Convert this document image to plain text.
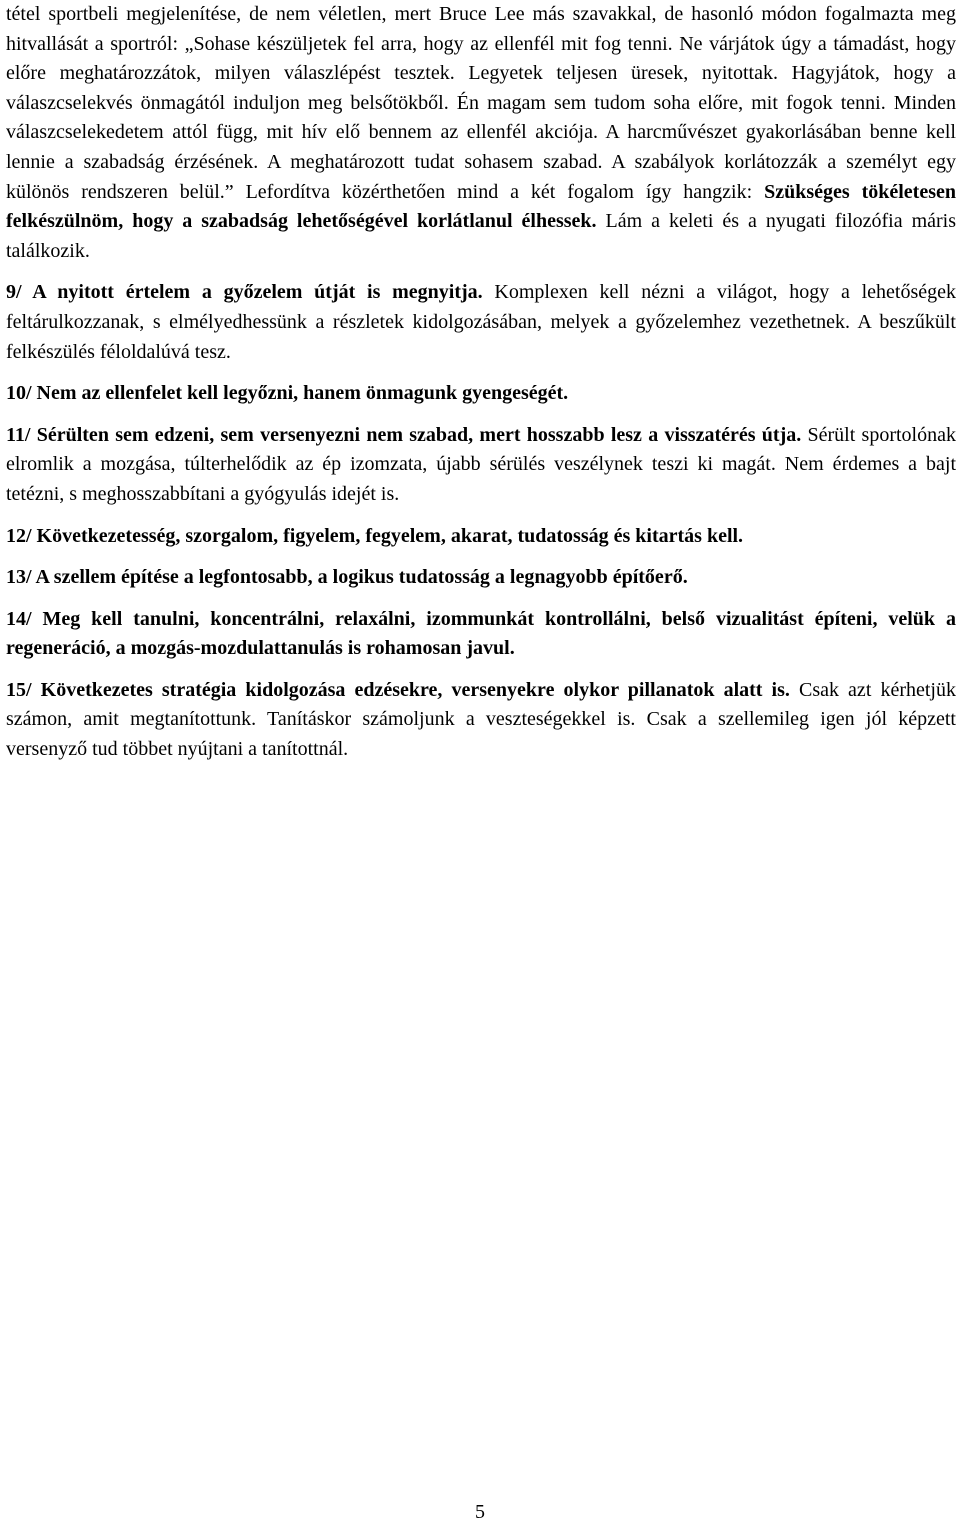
tétel sportbeli megjelenítése, de nem véletlen, mert Bruce Lee más szavakkal, de hasonló módon fogalmazta meg hitvallását a sportról: „Sohase készüljetek fel arra, hogy az ellenfél mit fog tenni. Ne várjátok úgy a támadást, hogy előre meghatározzátok, milyen válaszlépést tesztek. Legyetek teljesen üresek, nyitottak. Hagyjátok, hogy a válaszcselekvés önmagától induljon meg belsőtökből. Én magam sem tudom soha előre, mit fogok tenni. Minden válaszcselekedetem attól függ, mit hív elő bennem az ellenfél akciója. A harcművészet gyakorlásában benne kell lennie a szabadság érzésének. A meghatározott tudat sohasem szabad. A szabályok korlátozzák a személyt egy különös rendszeren belül.” Lefordítva közérthetően mind a két fogalom így hangzik: Szükséges tökéletesen felkészülnöm, hogy a szabadság lehetőségével korlátlanul élhessek. Lám a keleti és a nyugati filozófia máris találkozik.

9/ A nyitott értelem a győzelem útját is megnyitja. Komplexen kell nézni a világot, hogy a lehetőségek feltárulkozzanak, s elmélyedhessünk a részletek kidolgozásában, melyek a győzelemhez vezethetnek. A beszűkült felkészülés féloldalúvá tesz.

10/ Nem az ellenfelet kell legyőzni, hanem önmagunk gyengeségét.

11/ Sérülten sem edzeni, sem versenyezni nem szabad, mert hosszabb lesz a visszatérés útja. Sérült sportolónak elromlik a mozgása, túlterhelődik az ép izomzata, újabb sérülés veszélynek teszi ki magát. Nem érdemes a bajt tetézni, s meghosszabbítani a gyógyulás idejét is.

12/ Következetesség, szorgalom, figyelem, fegyelem, akarat, tudatosság és kitartás kell.

13/ A szellem építése a legfontosabb, a logikus tudatosság a legnagyobb építőerő.

14/ Meg kell tanulni, koncentrálni, relaxálni, izommunkát kontrollálni, belső vizualitást építeni, velük a regeneráció, a mozgás-mozdulattanulás is rohamosan javul.

15/ Következetes stratégia kidolgozása edzésekre, versenyekre olykor pillanatok alatt is. Csak azt kérhetjük számon, amit megtanítottunk. Tanításkor számoljunk a veszteségekkel is. Csak a szellemileg igen jól képzett versenyző tud többet nyújtani a tanítottnál.

5
